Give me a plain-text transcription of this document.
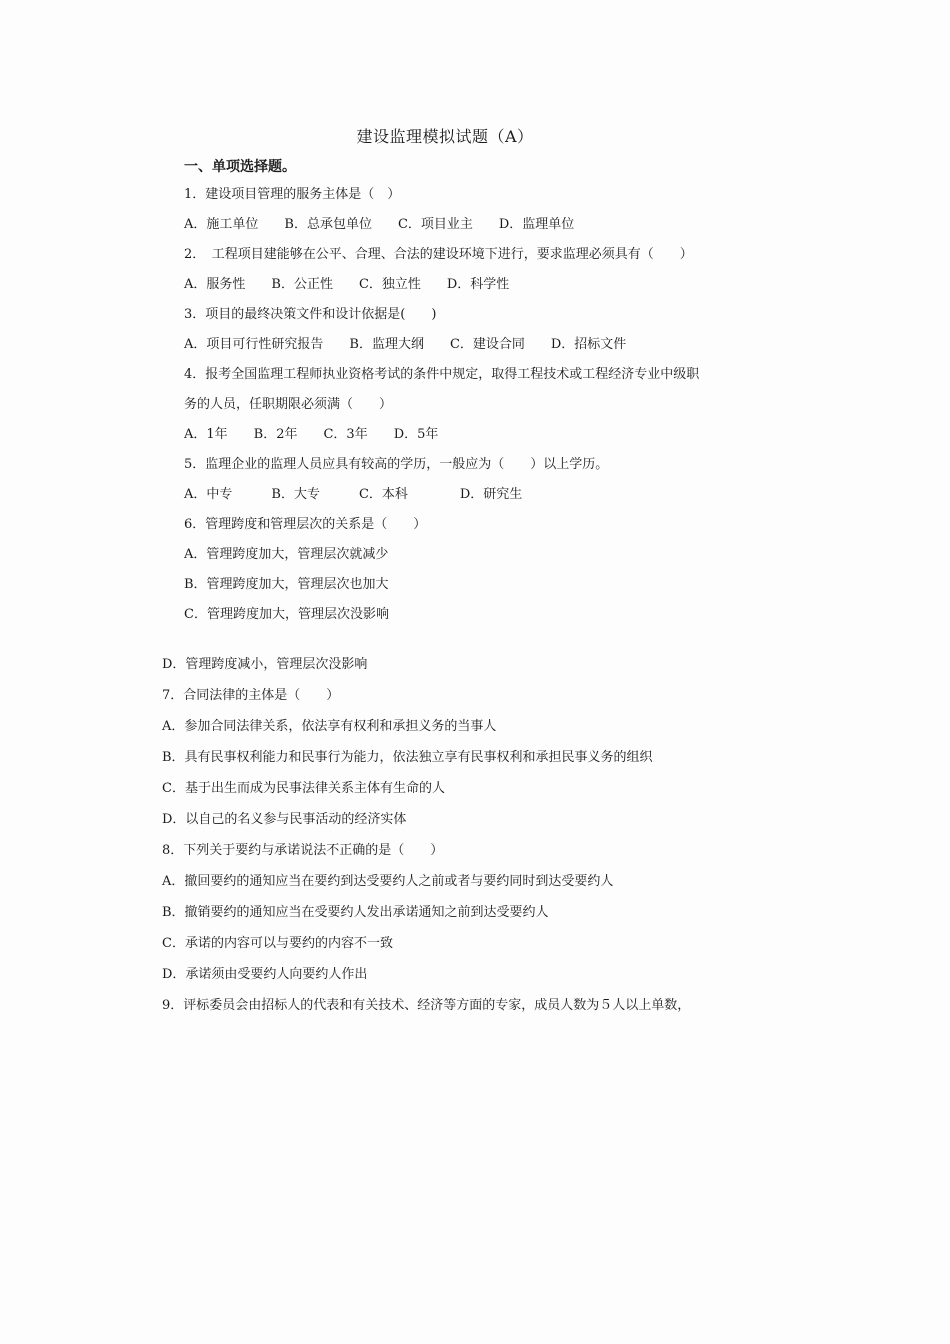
建设监理模拟试题（A）
一、单项选择题。
1．建设项目管理的服务主体是（　）
A．施工单位　　B．总承包单位　　C．项目业主　　D．监理单位
2．　工程项目建能够在公平、合理、合法的建设环境下进行，要求监理必须具有（　　）
A．服务性　　B．公正性　　C．独立性　　D．科学性
3．项目的最终决策文件和设计依据是(　　)
A．项目可行性研究报告　　B．监理大纲　　C．建设合同　　D．招标文件
4．报考全国监理工程师执业资格考试的条件中规定，取得工程技术或工程经济专业中级职
务的人员，任职期限必须满（　　）
A．1年　　B．2年　　C．3年　　D．5年
5．监理企业的监理人员应具有较高的学历，一般应为（　　）以上学历。
A．中专　　　B．大专　　　C．本科　　　　D．研究生
6．管理跨度和管理层次的关系是（　　）
A．管理跨度加大，管理层次就减少
B．管理跨度加大，管理层次也加大
C．管理跨度加大，管理层次没影响
D．管理跨度减小，管理层次没影响
7．合同法律的主体是（　　）
A．参加合同法律关系，依法享有权利和承担义务的当事人
B．具有民事权利能力和民事行为能力，依法独立享有民事权利和承担民事义务的组织
C．基于出生而成为民事法律关系主体有生命的人
D．以自己的名义参与民事活动的经济实体
8．下列关于要约与承诺说法不正确的是（　　）
A．撤回要约的通知应当在要约到达受要约人之前或者与要约同时到达受要约人
B．撤销要约的通知应当在受要约人发出承诺通知之前到达受要约人
C．承诺的内容可以与要约的内容不一致
D．承诺须由受要约人向要约人作出
9．评标委员会由招标人的代表和有关技术、经济等方面的专家，成员人数为５人以上单数，
